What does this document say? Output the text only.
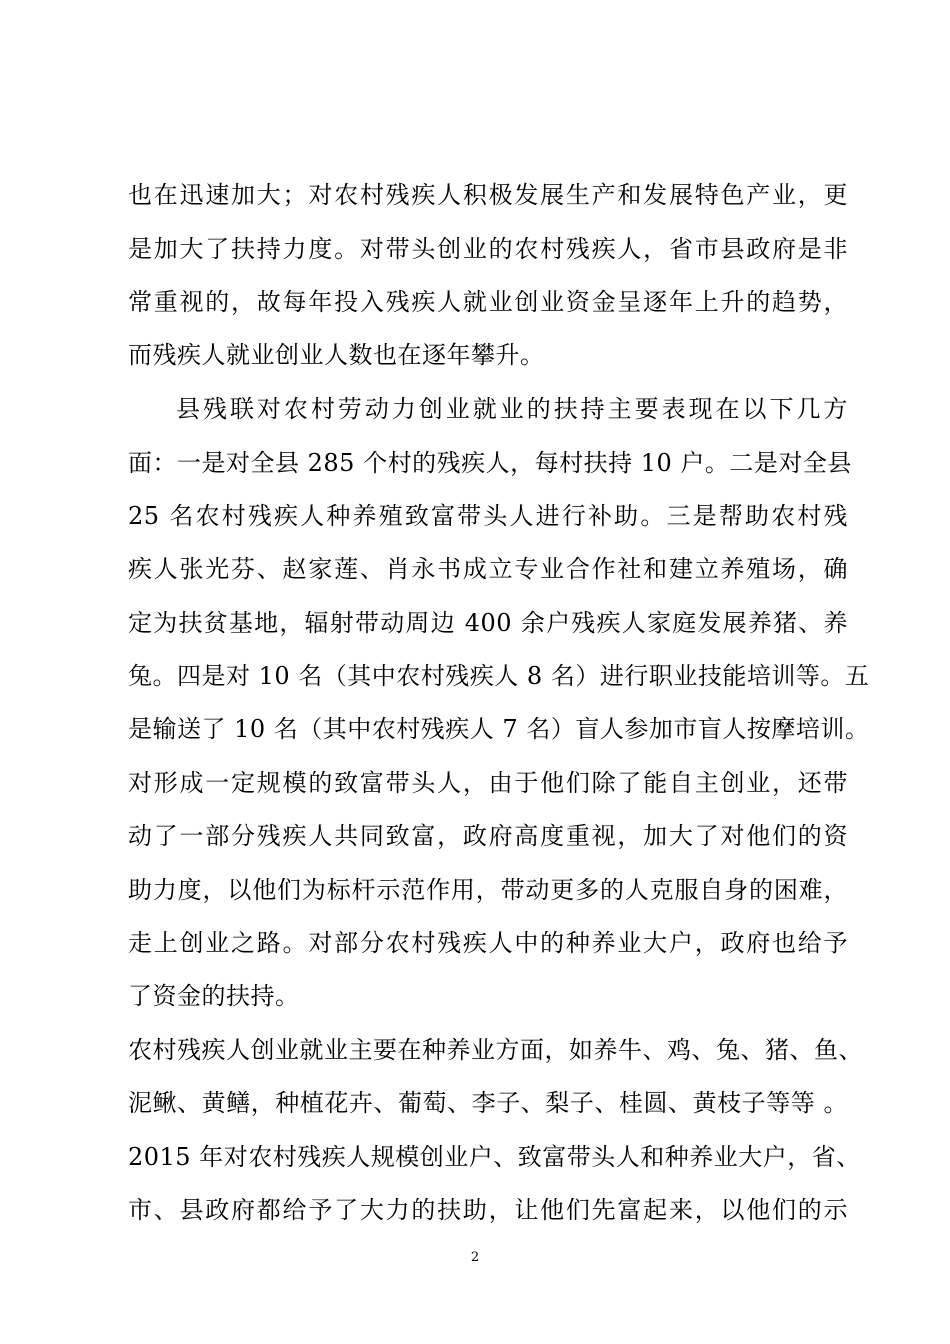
也在迅速加大；对农村残疾人积极发展生产和发展特色产业，更
是加大了扶持力度。对带头创业的农村残疾人，省市县政府是非
常重视的，故每年投入残疾人就业创业资金呈逐年上升的趋势，
而残疾人就业创业人数也在逐年攀升。
县残联对农村劳动力创业就业的扶持主要表现在以下几方
面：一是对全县 285 个村的残疾人，每村扶持 10 户。二是对全县
25 名农村残疾人种养殖致富带头人进行补助。三是帮助农村残
疾人张光芬、赵家莲、肖永书成立专业合作社和建立养殖场，确
定为扶贫基地，辐射带动周边 400 余户残疾人家庭发展养猪、养
兔。四是对 10 名（其中农村残疾人 8 名）进行职业技能培训等。五
是输送了 10 名（其中农村残疾人 7 名）盲人参加市盲人按摩培训。
对形成一定规模的致富带头人，由于他们除了能自主创业，还带
动了一部分残疾人共同致富，政府高度重视，加大了对他们的资
助力度，以他们为标杆示范作用，带动更多的人克服自身的困难，
走上创业之路。对部分农村残疾人中的种养业大户，政府也给予
了资金的扶持。
农村残疾人创业就业主要在种养业方面，如养牛、鸡、兔、猪、鱼、
泥鳅、黄鳝，种植花卉、葡萄、李子、梨子、桂圆、黄枝子等等 。
2015 年对农村残疾人规模创业户、致富带头人和种养业大户，省、
市、县政府都给予了大力的扶助，让他们先富起来，以他们的示
2
